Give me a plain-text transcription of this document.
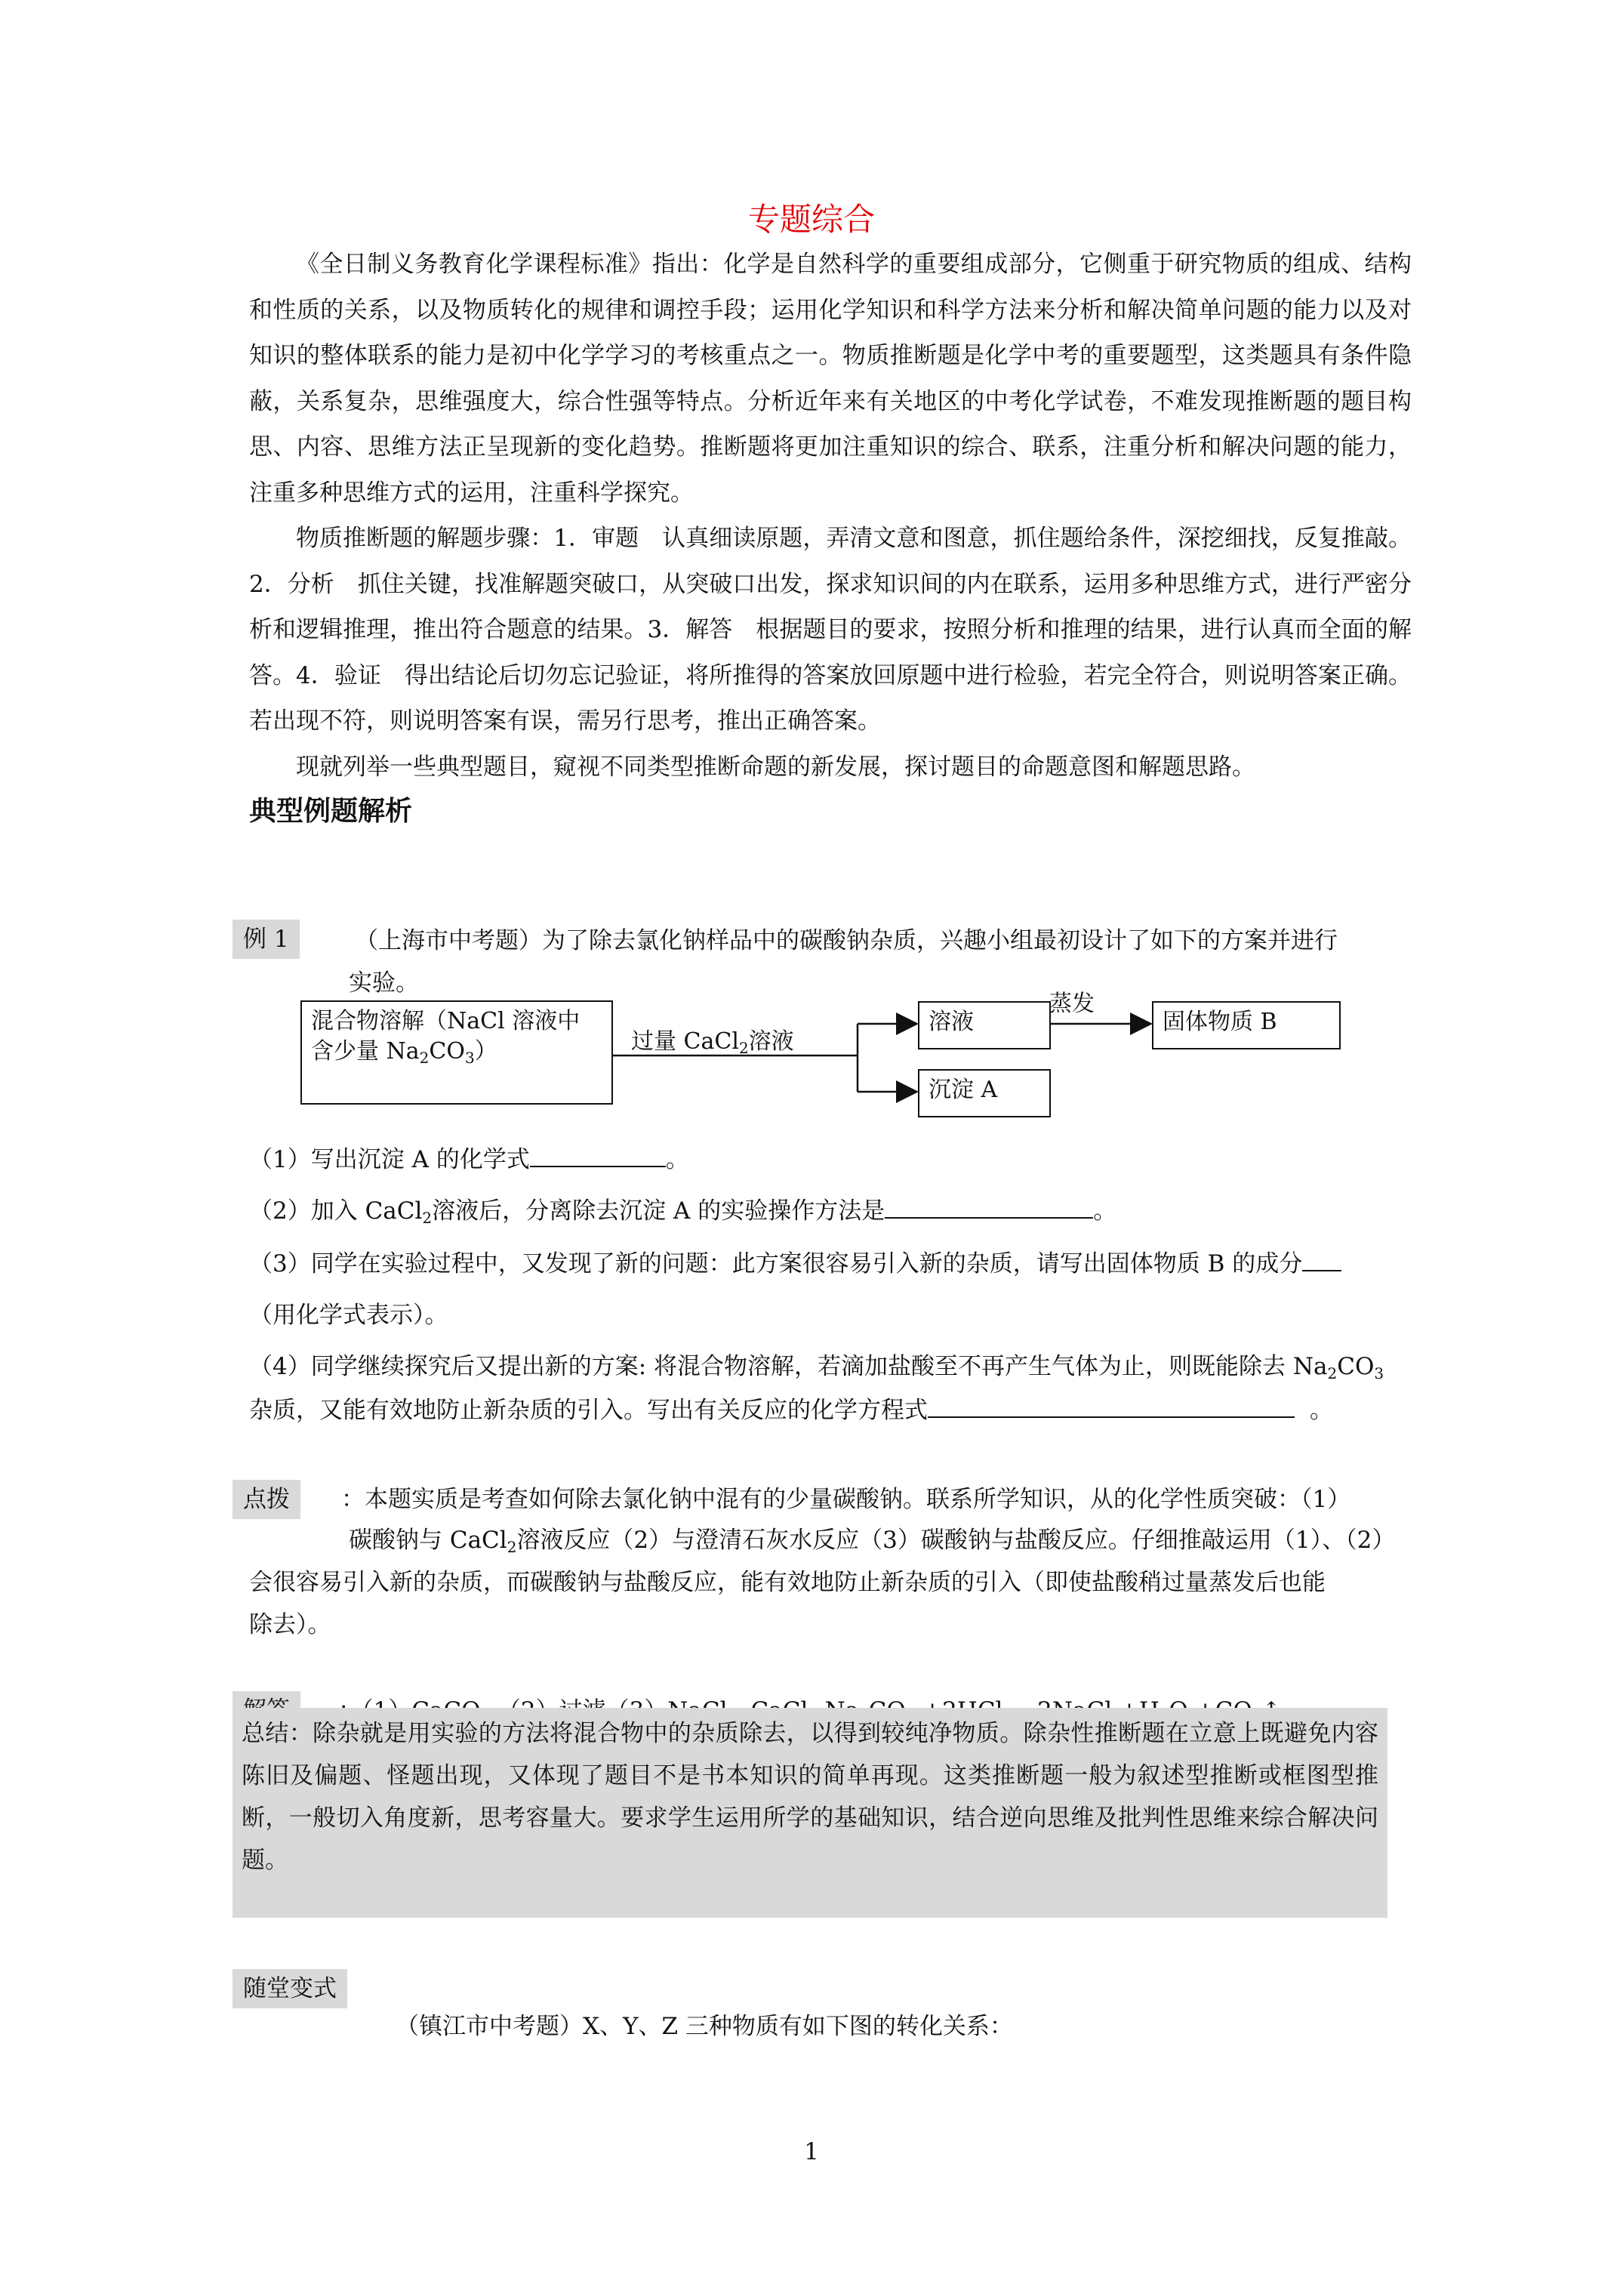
专题综合

《全日制义务教育化学课程标准》指出：化学是自然科学的重要组成部分，它侧重于研究物质的组成、结构和性质的关系，以及物质转化的规律和调控手段；运用化学知识和科学方法来分析和解决简单问题的能力以及对知识的整体联系的能力是初中化学学习的考核重点之一。物质推断题是化学中考的重要题型，这类题具有条件隐蔽，关系复杂，思维强度大，综合性强等特点。分析近年来有关地区的中考化学试卷，不难发现推断题的题目构思、内容、思维方法正呈现新的变化趋势。推断题将更加注重知识的综合、联系，注重分析和解决问题的能力，注重多种思维方式的运用，注重科学探究。

物质推断题的解题步骤：1．审题　认真细读原题，弄清文意和图意，抓住题给条件，深挖细找，反复推敲。2．分析　抓住关键，找准解题突破口，从突破口出发，探求知识间的内在联系，运用多种思维方式，进行严密分析和逻辑推理，推出符合题意的结果。3．解答　根据题目的要求，按照分析和推理的结果，进行认真而全面的解答。4．验证　得出结论后切勿忘记验证，将所推得的答案放回原题中进行检验，若完全符合，则说明答案正确。若出现不符，则说明答案有误，需另行思考，推出正确答案。

现就列举一些典型题目，窥视不同类型推断命题的新发展，探讨题目的命题意图和解题思路。

典型例题解析
例 1	（上海市中考题）为了除去氯化钠样品中的碳酸钠杂质，兴趣小组最初设计了如下的方案并进行
实验。
混合物溶解（NaCl 溶液中
含少量 $Na_2CO_3$）	过量 CaCl$_2$溶液
溶液
蒸发
固体物质 B
沉淀 A
（1）写出沉淀 A 的化学式	。
（2）加入 CaCl$_2$溶液后，分离除去沉淀 A 的实验操作方法是	。
（3）同学在实验过程中，又发现了新的问题：此方案很容易引入新的杂质，请写出固体物质 B 的成分
（用化学式表示）。
（4）同学继续探究后又提出新的方案: 将混合物溶解，若滴加盐酸至不再产生气体为止，则既能除去 $Na_2CO_3$
杂质，又能有效地防止新杂质的引入。写出有关反应的化学方程式	。
点拨	：本题实质是考查如何除去氯化钠中混有的少量碳酸钠。联系所学知识，从的化学性质突破：（1）
碳酸钠与 CaCl$_2$溶液反应（2）与澄清石灰水反应（3）碳酸钠与盐酸反应。仔细推敲运用（1）、（2）
会很容易引入新的杂质，而碳酸钠与盐酸反应，能有效地防止新杂质的引入（即使盐酸稍过量蒸发后也能
除去）。
总结：除杂就是用实验的方法将混合物中的杂质除去，以得到较纯净物质。除杂性推断题在立意上既避免内容陈旧及偏题、怪题出现，又体现了题目不是书本知识的简单再现。这类推断题一般为叙述型推断或框图型推断，一般切入角度新，思考容量大。要求学生运用所学的基础知识，结合逆向思维及批判性思维来综合解决问题。
随堂变式
（镇江市中考题）X、Y、Z 三种物质有如下图的转化关系：
1
